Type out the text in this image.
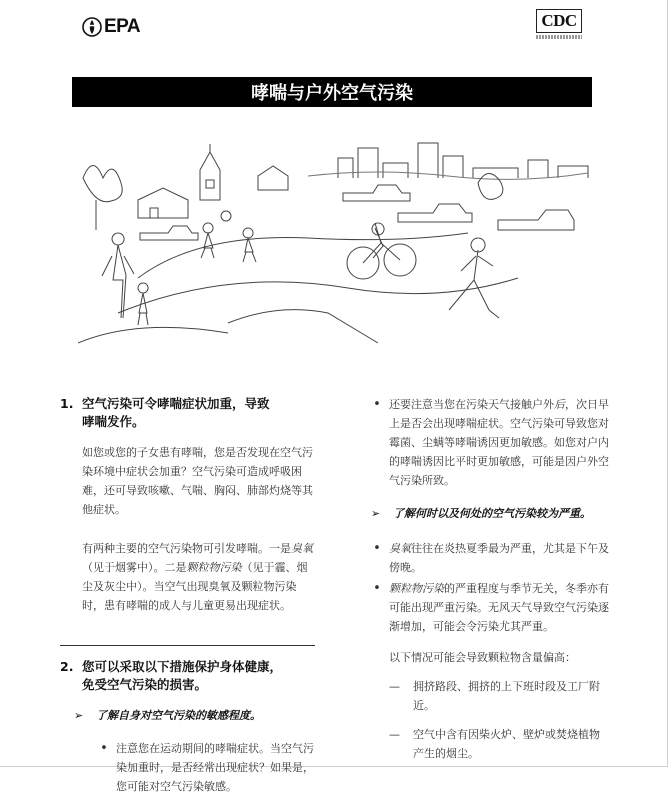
EPA	CDC
哮喘与户外空气污染
1. 空气污染可令哮喘症状加重，导致
哮喘发作。
如您或您的子女患有哮喘，您是否发现在空气污染环境中症状会加重？空气污染可造成呼吸困难，还可导致咳嗽、气喘、胸闷、肺部灼烧等其他症状。
有两种主要的空气污染物可引发哮喘。一是臭氧（见于烟雾中）。二是颗粒物污染（见于霾、烟尘及灰尘中）。当空气出现臭氧及颗粒物污染时，患有哮喘的成人与儿童更易出现症状。
2. 您可以采取以下措施保护身体健康，
免受空气污染的损害。
➢	了解自身对空气污染的敏感程度。
• 注意您在运动期间的哮喘症状。当空气污染加重时，是否经常出现症状？如果是，您可能对空气污染敏感。
• 还要注意当您在污染天气接触户外后，次日早上是否会出现哮喘症状。空气污染可导致您对霉菌、尘螨等哮喘诱因更加敏感。如您对户内的哮喘诱因比平时更加敏感，可能是因户外空气污染所致。
➢	了解何时以及何处的空气污染较为严重。
• 臭氧往往在炎热夏季最为严重，尤其是下午及傍晚。
• 颗粒物污染的严重程度与季节无关，冬季亦有可能出现严重污染。无风天气导致空气污染逐渐增加，可能会令污染尤其严重。
以下情况可能会导致颗粒物含量偏高：
—	拥挤路段、拥挤的上下班时段及工厂附近。
—	空气中含有因柴火炉、壁炉或焚烧植物产生的烟尘。
